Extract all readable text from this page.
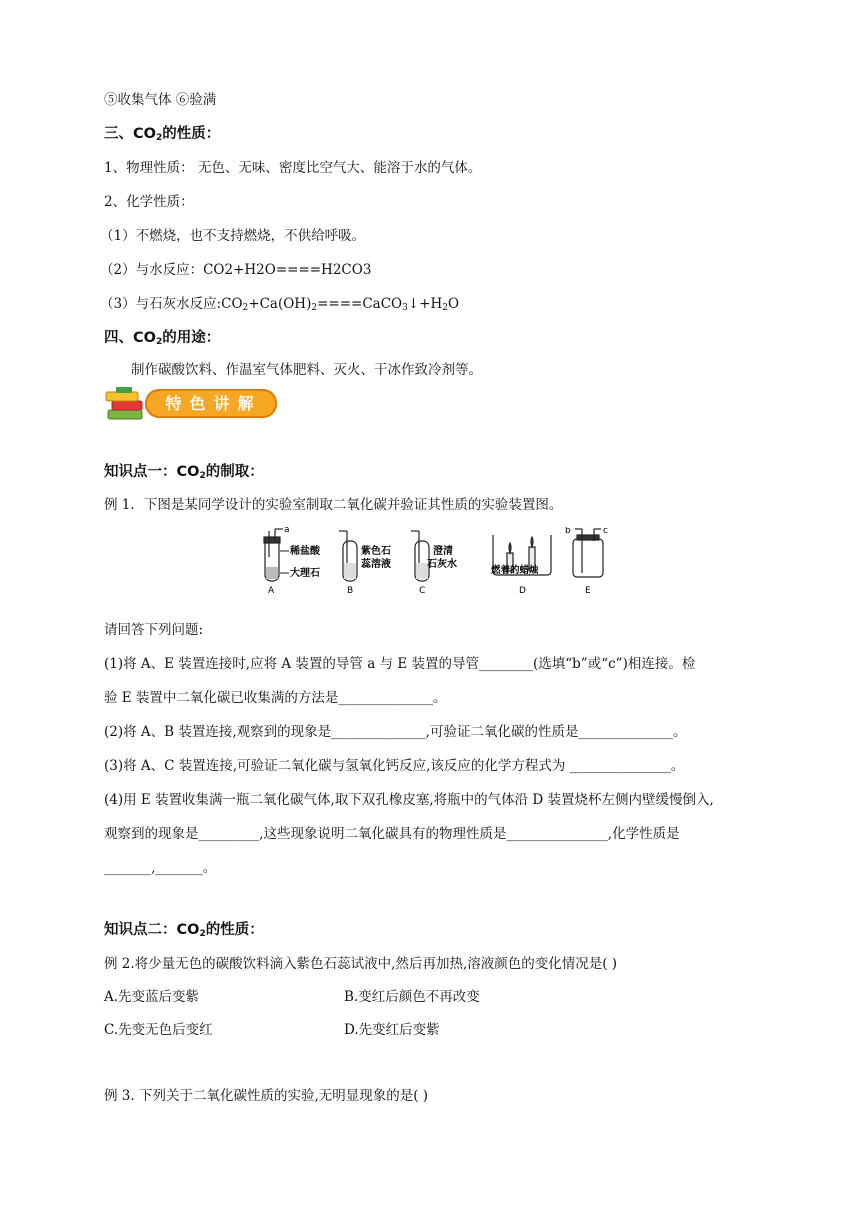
⑤收集气体 ⑥验满
三、$CO_2$的性质：
1、物理性质： 无色、无味、密度比空气大、能溶于水的气体。
2、化学性质：
（1）不燃烧，也不支持燃烧，不供给呼吸。
（2）与水反应：CO2+H2O====H2CO3
（3）与石灰水反应$:CO_2+Ca(OH)_2====CaCO_3↓+H_2O$
四、$CO_2$的用途：
制作碳酸饮料、作温室气体肥料、灭火、干冰作致冷剂等。
特色讲解
知识点一：$CO_2$的制取：
例 1．下图是某同学设计的实验室制取二氧化碳并验证其性质的实验装置图。
a
稀盐酸
大理石
A
紫色石
蕊溶液
B
澄清
石灰水
C
燃着的蜡烛
D
b	c
E
请回答下列问题:
(1)将 A、E 装置连接时,应将 A 装置的导管 a 与 E 装置的导管________(选填“b”或“c”)相连接。检
验 E 装置中二氧化碳已收集满的方法是______________。
(2)将 A、B 装置连接,观察到的现象是______________,可验证二氧化碳的性质是______________。
(3)将 A、C 装置连接,可验证二氧化碳与氢氧化钙反应,该反应的化学方程式为 _______________。
(4)用 E 装置收集满一瓶二氧化碳气体,取下双孔橡皮塞,将瓶中的气体沿 D 装置烧杯左侧内壁缓慢倒入,
观察到的现象是_________,这些现象说明二氧化碳具有的物理性质是_______________,化学性质是
_______,_______。
知识点二：$CO_2$的性质：
例 2.将少量无色的碳酸饮料滴入紫色石蕊试液中,然后再加热,溶液颜色的变化情况是( )
A.先变蓝后变紫	B.变红后颜色不再改变
C.先变无色后变红	D.先变红后变紫
例 3. 下列关于二氧化碳性质的实验,无明显现象的是( )
